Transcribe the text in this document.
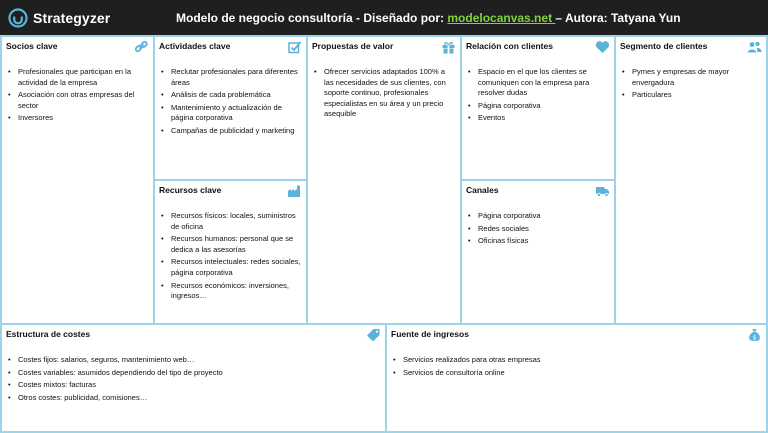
Strategyzer	Modelo de negocio consultoría - Diseñado por: modelocanvas.net – Autora: Tatyana Yun
Socios clave
• Profesionales que participan en la actividad de la empresa
• Asociación con otras empresas del sector
• Inversores
Actividades clave
• Reclutar profesionales para diferentes áreas
• Análisis de cada problemática
• Mantenimiento y actualización de página corporativa
• Campañas de publicidad y marketing
Recursos clave
• Recursos físicos: locales, suministros de oficina
• Recursos humanos: personal que se dedica a las asesorías
• Recursos intelectuales: redes sociales, página corporativa
• Recursos económicos: inversiones, ingresos…
Propuestas de valor
• Ofrecer servicios adaptados 100% a las necesidades de sus clientes, con soporte continuo, profesionales especialistas en su área y un precio asequible
Relación con clientes
• Espacio en el que los clientes se comuniquen con la empresa para resolver dudas
• Página corporativa
• Eventos
Canales
• Página corporativa
• Redes sociales
• Oficinas físicas
Segmento de clientes
• Pymes y empresas de mayor envergadura
• Particulares
Estructura de costes
• Costes fijos: salarios, seguros, mantenimiento web…
• Costes variables: asumidos dependiendo del tipo de proyecto
• Costes mixtos: facturas
• Otros costes: publicidad, comisiones…
Fuente de ingresos	$
• Servicios realizados para otras empresas
• Servicios de consultoría online
